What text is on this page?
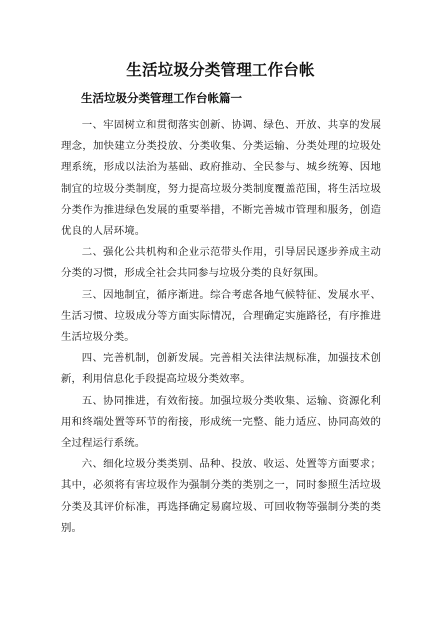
生活垃圾分类管理工作台帐
生活垃圾分类管理工作台帐篇一

一、牢固树立和贯彻落实创新、协调、绿色、开放、共享的发展理念，加快建立分类投放、分类收集、分类运输、分类处理的垃圾处理系统，形成以法治为基础、政府推动、全民参与、城乡统筹、因地制宜的垃圾分类制度，努力提高垃圾分类制度覆盖范围，将生活垃圾分类作为推进绿色发展的重要举措，不断完善城市管理和服务，创造优良的人居环境。

二、强化公共机构和企业示范带头作用，引导居民逐步养成主动分类的习惯，形成全社会共同参与垃圾分类的良好氛围。

三、因地制宜，循序渐进。综合考虑各地气候特征、发展水平、生活习惯、垃圾成分等方面实际情况，合理确定实施路径，有序推进生活垃圾分类。

四、完善机制，创新发展。完善相关法律法规标准，加强技术创新，利用信息化手段提高垃圾分类效率。

五、协同推进，有效衔接。加强垃圾分类收集、运输、资源化利用和终端处置等环节的衔接，形成统一完整、能力适应、协同高效的全过程运行系统。

六、细化垃圾分类类别、品种、投放、收运、处置等方面要求；其中，必须将有害垃圾作为强制分类的类别之一，同时参照生活垃圾分类及其评价标准，再选择确定易腐垃圾、可回收物等强制分类的类别。
